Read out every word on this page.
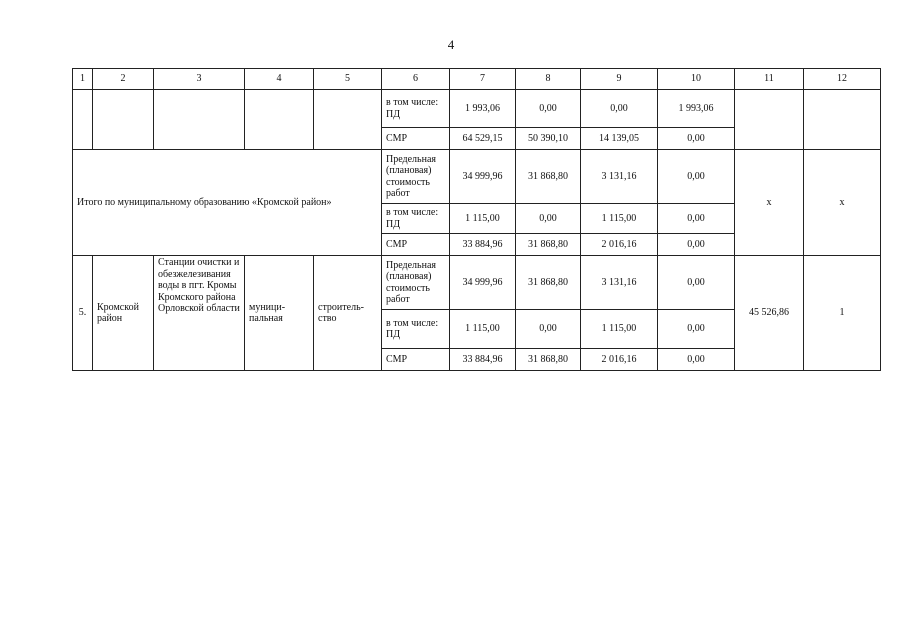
4
1	2	3	4	5	6	7	8	9	10	11	12
					в том числе: ПД	1 993,06	0,00	0,00	1 993,06		
					СМР	64 529,15	50 390,10	14 139,05	0,00		
Итого по муниципальному образованию «Кромской район»					Предельная (плановая) стоимость работ	34 999,96	31 868,80	3 131,16	0,00	х	х
					в том числе: ПД	1 115,00	0,00	1 115,00	0,00		
					СМР	33 884,96	31 868,80	2 016,16	0,00		
5.	Кромской район	Станции очистки и обезжелезивания воды в пгт. Кромы Кромского района Орловской области	муници-пальная	строитель-ство	Предельная (плановая) стоимость работ	34 999,96	31 868,80	3 131,16	0,00	45 526,86	1
					в том числе: ПД	1 115,00	0,00	1 115,00	0,00		
					СМР	33 884,96	31 868,80	2 016,16	0,00		
